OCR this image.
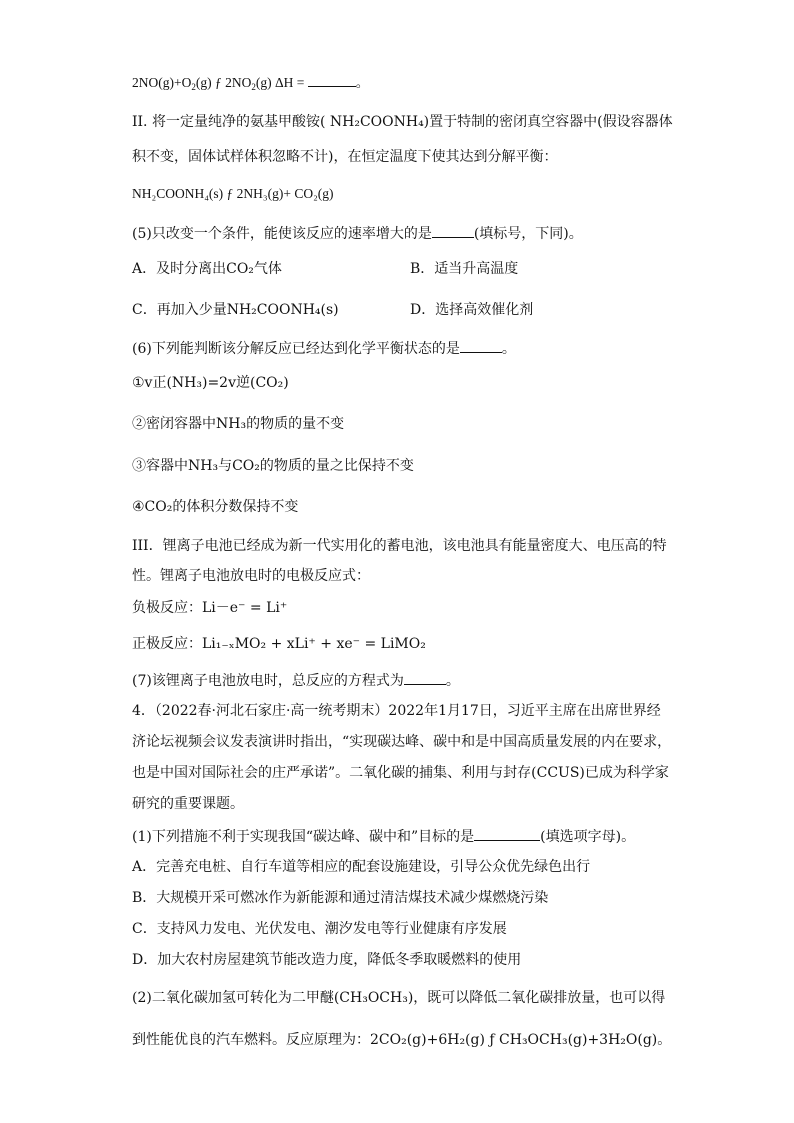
$2NO(g)+O_2(g)$ ƒ $2NO_2(g) \Delta H$ =	。
II. 将一定量纯净的氨基甲酸铵( NH₂COONH₄)置于特制的密闭真空容器中(假设容器体
积不变，固体试样体积忽略不计)，在恒定温度下使其达到分解平衡：
NH₂COONH₄(s) ƒ 2NH₃(g)+ CO₂(g)
(5)只改变一个条件，能使该反应的速率增大的是	(填标号，下同)。
A．及时分离出CO₂气体	B．适当升高温度
C．再加入少量NH₂COONH₄(s)	D．选择高效催化剂
(6)下列能判断该分解反应已经达到化学平衡状态的是	。
①v正(NH₃)=2v逆(CO₂)
②密闭容器中NH₃的物质的量不变
③容器中NH₃与CO₂的物质的量之比保持不变
④CO₂的体积分数保持不变
III．锂离子电池已经成为新一代实用化的蓄电池，该电池具有能量密度大、电压高的特
性。锂离子电池放电时的电极反应式：
负极反应：Li－e⁻ = Li⁺
正极反应：Li₁₋ₓMO₂ + xLi⁺ + xe⁻ = LiMO₂
(7)该锂离子电池放电时，总反应的方程式为	。
4．（2022春·河北石家庄·高一统考期末）2022年1月17日，习近平主席在出席世界经
济论坛视频会议发表演讲时指出，“实现碳达峰、碳中和是中国高质量发展的内在要求，
也是中国对国际社会的庄严承诺”。二氧化碳的捕集、利用与封存(CCUS)已成为科学家
研究的重要课题。
(1)下列措施不利于实现我国“碳达峰、碳中和”目标的是	(填选项字母)。
A．完善充电桩、自行车道等相应的配套设施建设，引导公众优先绿色出行
B．大规模开采可燃冰作为新能源和通过清洁煤技术减少煤燃烧污染
C．支持风力发电、光伏发电、潮汐发电等行业健康有序发展
D．加大农村房屋建筑节能改造力度，降低冬季取暖燃料的使用
(2)二氧化碳加氢可转化为二甲醚(CH₃OCH₃)，既可以降低二氧化碳排放量，也可以得
到性能优良的汽车燃料。反应原理为：2CO₂(g)+6H₂(g) ƒ CH₃OCH₃(g)+3H₂O(g)。
